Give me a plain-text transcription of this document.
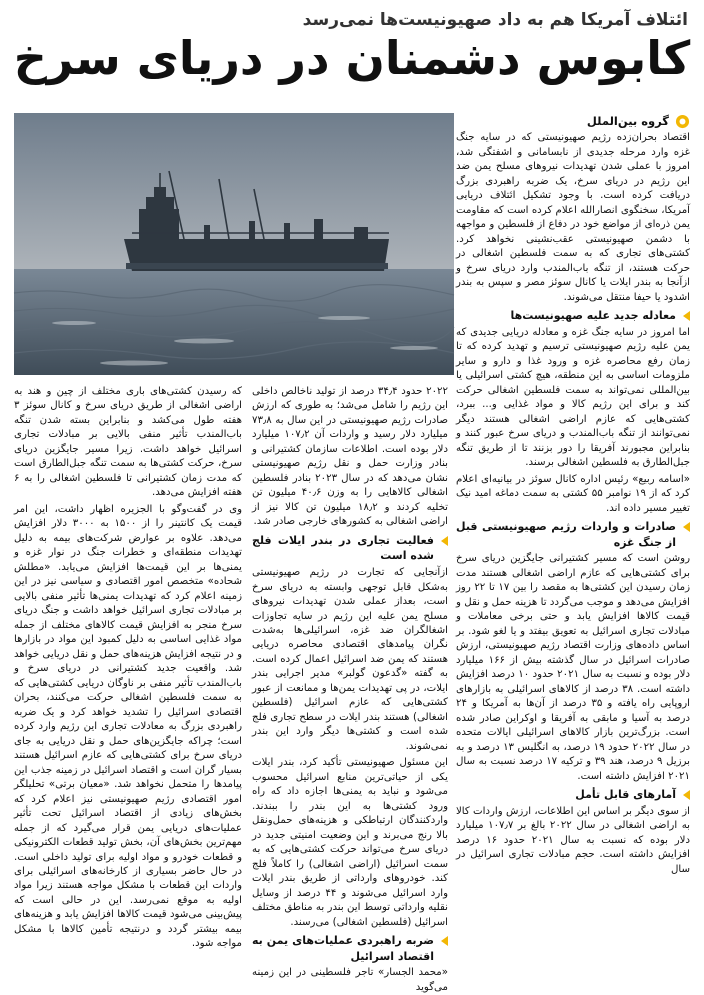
ائتلاف آمریکا هم به داد صهیونیست‌ها نمی‌رسد
کابوس دشمنان در دریای سرخ
گروه بین‌الملل

اقتصاد بحران‌زده رژیم صهیونیستی که در سایه جنگ غزه وارد مرحله جدیدی از نابسامانی و اشفتگی شد، امروز با عملی شدن تهدیدات نیروهای مسلح یمن ضد این رژیم در دریای سرخ، یک ضربه راهبردی بزرگ دریافت کرده است. با وجود تشکیل ائتلاف دریایی آمریکا، سخنگوی انصارالله اعلام کرده است که مقاومت یمن ذره‌ای از مواضع خود در دفاع از فلسطین و مواجهه با دشمن صهیونیستی عقب‌نشینی نخواهد کرد. کشتی‌های تجاری که به سمت فلسطین اشغالی در حرکت هستند، از تنگه باب‌المندب وارد دریای سرخ و ازآنجا به بندر ایلات یا کانال سوئز مصر و سپس به بندر اشدود یا حیفا منتقل می‌شوند.

معادله جدید علیه صهیونیست‌ها

اما امروز در سایه جنگ غزه و معادله دریایی جدیدی که یمن علیه رژیم صهیونیستی ترسیم و تهدید کرده که تا زمان رفع محاصره غزه و ورود غذا و دارو و سایر ملزومات اساسی به این منطقه، هیچ کشتی اسرائیلی یا بین‌المللی نمی‌تواند به سمت فلسطین اشغالی حرکت کند و برای این رژیم کالا و مواد غذایی و... ببرد، کشتی‌هایی که عازم اراضی اشغالی هستند دیگر نمی‌توانند از تنگه باب‌المندب و دریای سرخ عبور کنند و بنابراین مجبورند آفریقا را دور بزنند تا از طریق تنگه جبل‌الطارق به فلسطین اشغالی برسند.

«اسامه ربیع» رئیس اداره کانال سوئز در بیانیه‌ای اعلام کرد که از ۱۹ نوامبر ۵۵ کشتی به سمت دماغه امید نیک تغییر مسیر داده اند.

صادرات و واردات رژیم صهیونیستی قبل از جنگ غزه

روشن است که مسیر کشتیرانی جایگزین دریای سرخ برای کشتی‌هایی که عازم اراضی اشغالی هستند مدت زمان رسیدن این کشتی‌ها به مقصد را بین ۱۷ تا ۲۲ روز افزایش می‌دهد و موجب می‌گردد تا هزینه حمل و نقل و قیمت کالاها افزایش یابد و حتی برخی معاملات و مبادلات تجاری اسرائیل به تعویق بیفتد و یا لغو شود. بر اساس داده‌های وزارت اقتصاد رژیم صهیونیستی، ارزش صادرات اسرائیل در سال گذشته بیش از ۱۶۶ میلیارد دلار بوده و نسبت به سال ۲۰۲۱ حدود ۱۰ درصد افزایش داشته است. ۳۸ درصد از کالاهای اسرائیلی به بازارهای اروپایی راه یافته و ۳۵ درصد از آن‌ها به آمریکا و ۲۴ درصد به آسیا و مابقی به آفریقا و اوکراین صادر شده است. بزرگ‌ترین بازار کالاهای اسرائیلی ایالات متحده در سال ۲۰۲۲ حدود ۱۹ درصد، به انگلیس ۱۳ درصد و به برزیل ۹ درصد، هند ۳۹ و ترکیه ۱۷ درصد نسبت به سال ۲۰۲۱ افزایش داشته است.

آمارهای قابل تأمل

از سوی دیگر بر اساس این اطلاعات، ارزش واردات کالا به اراضی اشغالی در سال ۲۰۲۲ بالغ بر ۱۰۷٫۷ میلیارد دلار بوده که نسبت به سال ۲۰۲۱ حدود ۱۶ درصد افزایش داشته است. حجم مبادلات تجاری اسرائیل در سال

۲۰۲۲ حدود ۳۴٫۴ درصد از تولید ناخالص داخلی این رژیم را شامل می‌شد؛ به طوری که ارزش صادرات رژیم صهیونیستی در این سال به ۷۳٫۸ میلیارد دلار رسید و واردات آن ۱۰۷٫۲ میلیارد دلار بوده است. اطلاعات سازمان کشتیرانی و بنادر وزارت حمل و نقل رژیم صهیونیستی نشان می‌دهد که در سال ۲۰۲۳ بنادر فلسطین اشغالی کالاهایی را به وزن ۴۰٫۶ میلیون تن تخلیه کردند و ۱۸٫۲ میلیون تن کالا نیز از اراضی اشغالی به کشورهای خارجی صادر شد.

فعالیت تجاری در بندر ایلات فلج شده است

ازآنجایی که تجارت در رژیم صهیونیستی به‌شکل قابل توجهی وابسته به دریای سرخ است، بعداز عملی شدن تهدیدات نیروهای مسلح یمن علیه این رژیم در سایه تجاوزات اشغالگران ضد غزه، اسرائیلی‌ها به‌شدت نگران پیامدهای اقتصادی محاصره دریایی هستند که یمن ضد اسرائیل اعمال کرده است. به گفته «گدعون گولبر» مدیر اجرایی بندر ایلات، در پی تهدیدات یمن‌ها و ممانعت از عبور کشتی‌هایی که عازم اسرائیل (فلسطین اشغالی) هستند بندر ایلات در سطح تجاری فلج شده است و کشتی‌ها دیگر وارد این بندر نمی‌شوند.

این مسئول صهیونیستی تأکید کرد، بندر ایلات یکی از حیاتی‌ترین منابع اسرائیل محسوب می‌شود و نباید به یمنی‌ها اجازه داد که راه ورود کشتی‌ها به این بندر را ببندند. واردکنندگان ارتباطکی و هزینه‌های حمل‌ونقل بالا رنج می‌برند و این وضعیت امنیتی جدید در دریای سرخ می‌تواند حرکت کشتی‌هایی که به سمت اسرائیل (اراضی اشغالی) را کاملاً فلج کند. خودروهای وارداتی از طریق بندر ایلات وارد اسرائیل می‌شوند و ۴۴ درصد از وسایل نقلیه وارداتی توسط این بندر به مناطق مختلف اسرائیل (فلسطین اشغالی) می‌رسند.

ضربه راهبردی عملیات‌های یمن به اقتصاد اسرائیل

«محمد الجسار» تاجر فلسطینی در این زمینه می‌گوید

که رسیدن کشتی‌های باری مختلف از چین و هند به اراضی اشغالی از طریق دریای سرخ و کانال سوئز ۳ هفته طول می‌کشد و بنابراین بسته شدن تنگه باب‌المندب تأثیر منفی بالایی بر مبادلات تجاری اسرائیل خواهد داشت. زیرا مسیر جایگزین دریای سرخ، حرکت کشتی‌ها به سمت تنگه جبل‌الطارق است که مدت زمان کشتیرانی تا فلسطین اشغالی را به ۶ هفته افزایش می‌دهد.

وی در گفت‌وگو با الجزیره اظهار داشت، این امر قیمت یک کانتینر را از ۱۵۰۰ به ۳۰۰۰ دلار افزایش می‌دهد. علاوه بر عوارض شرکت‌های بیمه به دلیل تهدیدات منطقه‌ای و خطرات جنگ در نوار غزه و یمنی‌ها بر این قیمت‌ها افزایش می‌یابد. «مطلش شحاده» متخصص امور اقتصادی و سیاسی نیز در این زمینه اعلام کرد که تهدیدات یمنی‌ها تأثیر منفی بالایی بر مبادلات تجاری اسرائیل خواهد داشت و جنگ دریای سرخ منجر به افزایش قیمت کالاهای مختلف از جمله مواد غذایی اساسی به دلیل کمبود این مواد در بازارها و در نتیجه افزایش هزینه‌های حمل و نقل دریایی خواهد شد. واقعیت جدید کشتیرانی در دریای سرخ و باب‌المندب تأثیر منفی بر ناوگان دریایی کشتی‌هایی که به سمت فلسطین اشغالی حرکت می‌کنند، بحران اقتصادی اسرائیل را تشدید خواهد کرد و یک ضربه راهبردی بزرگ به معادلات تجاری این رژیم وارد کرده است؛ چراکه جایگزین‌های حمل و نقل دریایی به جای دریای سرخ برای کشتی‌هایی که عازم اسرائیل هستند بسیار گران است و اقتصاد اسرائیل در زمینه جذب این پیامدها را متحمل نخواهد شد. «معیان برتی» تحلیلگر امور اقتصادی رژیم صهیونیستی نیز اعلام کرد که بخش‌های زیادی از اقتصاد اسرائیل تحت تأثیر عملیات‌های دریایی یمن قرار می‌گیرد که از جمله مهم‌ترین بخش‌های آن، بخش تولید قطعات الکترونیکی و قطعات خودرو و مواد اولیه برای تولید داخلی است. در حال حاضر بسیاری از کارخانه‌های اسرائیلی برای واردات این قطعات با مشکل مواجه هستند زیرا مواد اولیه به موقع نمی‌رسد. این در حالی است که پیش‌بینی می‌شود قیمت کالاها افزایش یابد و هزینه‌های بیمه بیشتر گردد و درنتیجه تأمین کالاها با مشکل مواجه شود.
